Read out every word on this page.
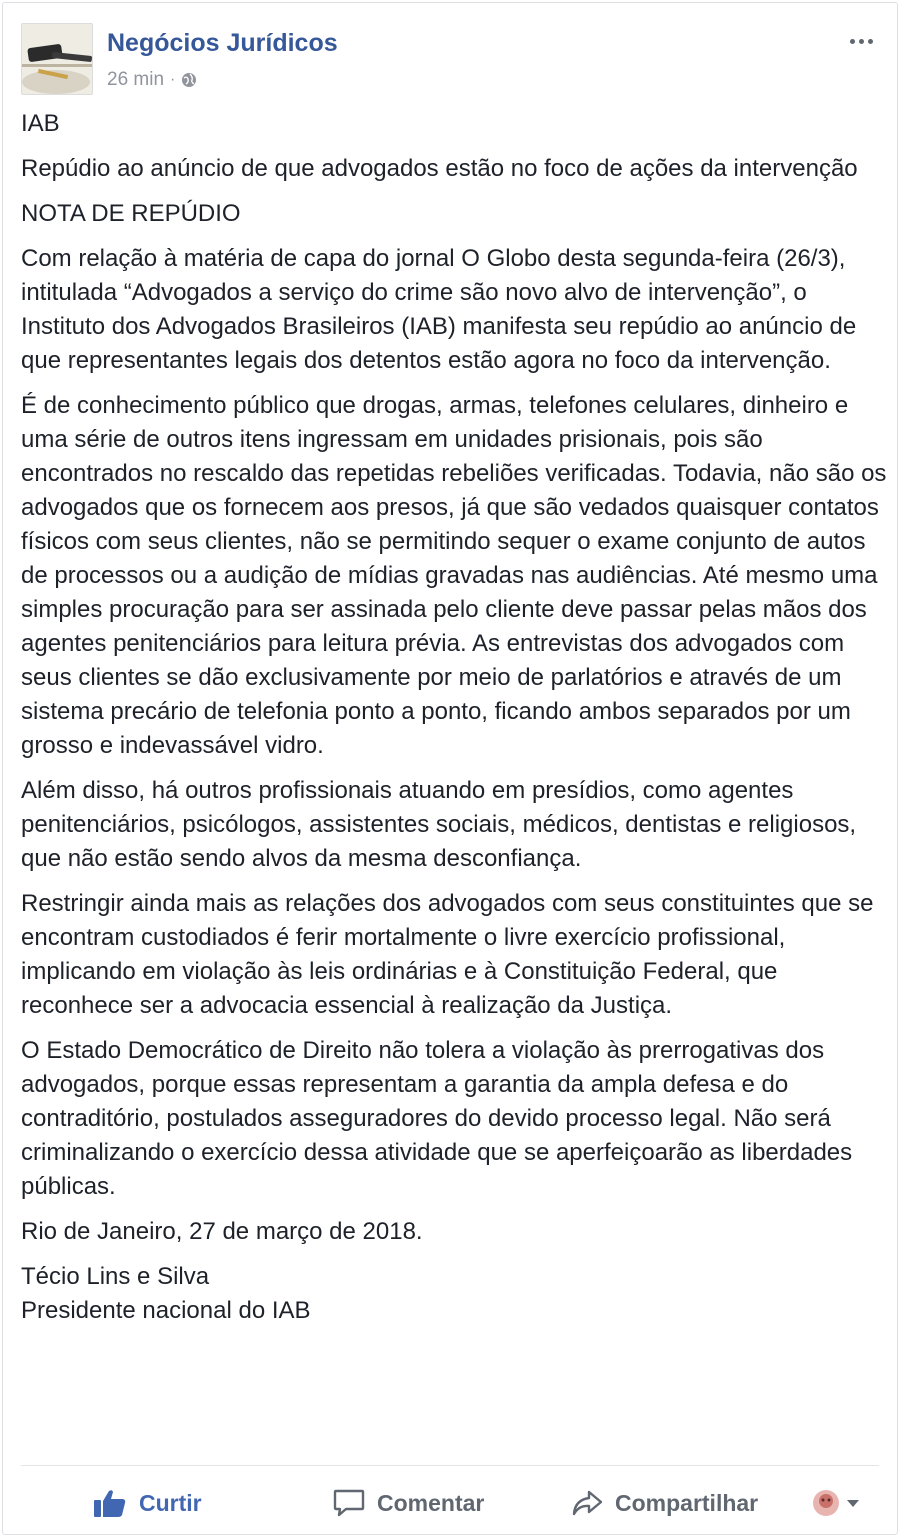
Negócios Jurídicos
26 min ·

IAB

Repúdio ao anúncio de que advogados estão no foco de ações da intervenção

NOTA DE REPÚDIO

Com relação à matéria de capa do jornal O Globo desta segunda-feira (26/3), intitulada “Advogados a serviço do crime são novo alvo de intervenção”, o Instituto dos Advogados Brasileiros (IAB) manifesta seu repúdio ao anúncio de que representantes legais dos detentos estão agora no foco da intervenção.

É de conhecimento público que drogas, armas, telefones celulares, dinheiro e uma série de outros itens ingressam em unidades prisionais, pois são encontrados no rescaldo das repetidas rebeliões verificadas. Todavia, não são os advogados que os fornecem aos presos, já que são vedados quaisquer contatos físicos com seus clientes, não se permitindo sequer o exame conjunto de autos de processos ou a audição de mídias gravadas nas audiências. Até mesmo uma simples procuração para ser assinada pelo cliente deve passar pelas mãos dos agentes penitenciários para leitura prévia. As entrevistas dos advogados com seus clientes se dão exclusivamente por meio de parlatórios e através de um sistema precário de telefonia ponto a ponto, ficando ambos separados por um grosso e indevassável vidro.

Além disso, há outros profissionais atuando em presídios, como agentes penitenciários, psicólogos, assistentes sociais, médicos, dentistas e religiosos, que não estão sendo alvos da mesma desconfiança.

Restringir ainda mais as relações dos advogados com seus constituintes que se encontram custodiados é ferir mortalmente o livre exercício profissional, implicando em violação às leis ordinárias e à Constituição Federal, que reconhece ser a advocacia essencial à realização da Justiça.

O Estado Democrático de Direito não tolera a violação às prerrogativas dos advogados, porque essas representam a garantia da ampla defesa e do contraditório, postulados asseguradores do devido processo legal. Não será criminalizando o exercício dessa atividade que se aperfeiçoarão as liberdades públicas.

Rio de Janeiro, 27 de março de 2018.

Técio Lins e Silva
Presidente nacional do IAB

Curtir	Comentar	Compartilhar
